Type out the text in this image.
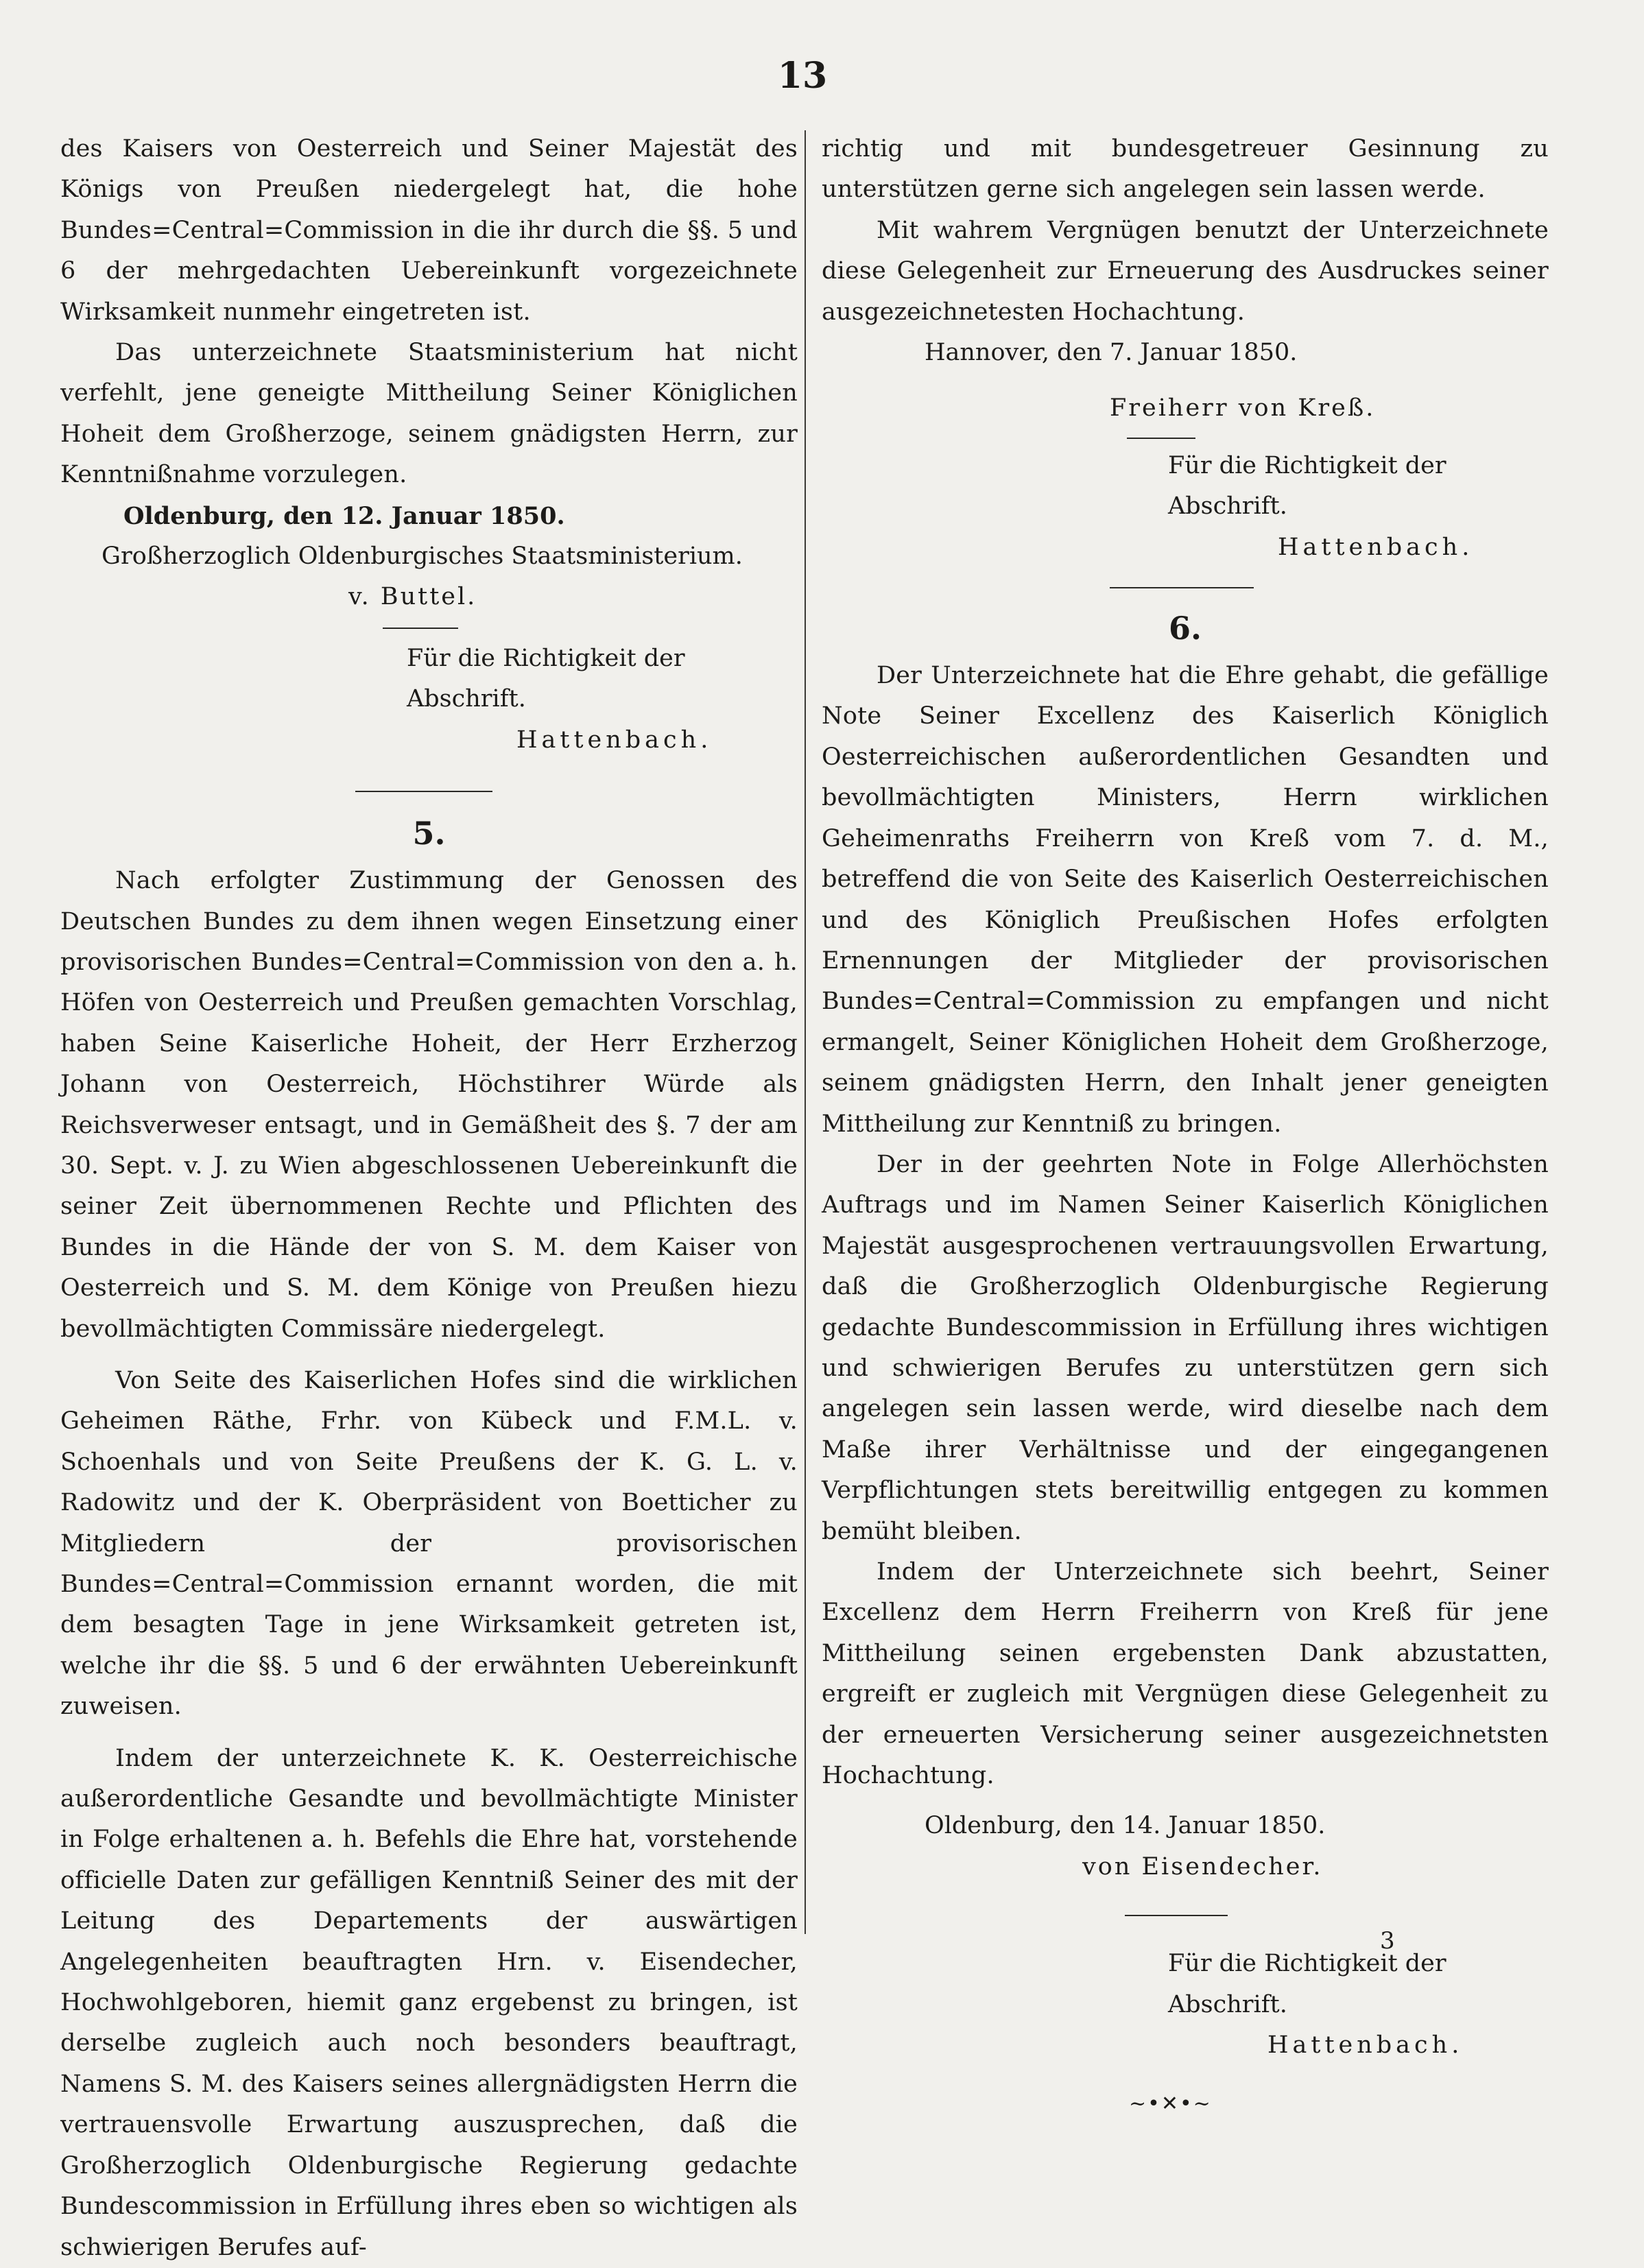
13

des Kaisers von Oesterreich und Seiner Majestät des Königs von Preußen niedergelegt hat, die hohe Bundes=Central=Commission in die ihr durch die §§. 5 und 6 der mehrgedachten Uebereinkunft vorgezeichnete Wirksamkeit nunmehr eingetreten ist.

Das unterzeichnete Staatsministerium hat nicht verfehlt, jene geneigte Mittheilung Seiner Königlichen Hoheit dem Großherzoge, seinem gnädigsten Herrn, zur Kenntnißnahme vorzulegen.

Oldenburg, den 12. Januar 1850.

Großherzoglich Oldenburgisches Staatsministerium.

v. Buttel.

Für die Richtigkeit der Abschrift.

Hattenbach.

5.

Nach erfolgter Zustimmung der Genossen des Deutschen Bundes zu dem ihnen wegen Einsetzung einer provisorischen Bundes=Central=Commission von den a. h. Höfen von Oesterreich und Preußen gemachten Vorschlag, haben Seine Kaiserliche Hoheit, der Herr Erzherzog Johann von Oesterreich, Höchstihrer Würde als Reichsverweser entsagt, und in Gemäßheit des §. 7 der am 30. Sept. v. J. zu Wien abgeschlossenen Uebereinkunft die seiner Zeit übernommenen Rechte und Pflichten des Bundes in die Hände der von S. M. dem Kaiser von Oesterreich und S. M. dem Könige von Preußen hiezu bevollmächtigten Commissäre niedergelegt.

Von Seite des Kaiserlichen Hofes sind die wirklichen Geheimen Räthe, Frhr. von Kübeck und F.M.L. v. Schoenhals und von Seite Preußens der K. G. L. v. Radowitz und der K. Oberpräsident von Boetticher zu Mitgliedern der provisorischen Bundes=Central=Commission ernannt worden, die mit dem besagten Tage in jene Wirksamkeit getreten ist, welche ihr die §§. 5 und 6 der erwähnten Uebereinkunft zuweisen.

Indem der unterzeichnete K. K. Oesterreichische außerordentliche Gesandte und bevollmächtigte Minister in Folge erhaltenen a. h. Befehls die Ehre hat, vorstehende officielle Daten zur gefälligen Kenntniß Seiner des mit der Leitung des Departements der auswärtigen Angelegenheiten beauftragten Hrn. v. Eisendecher, Hochwohlgeboren, hiemit ganz ergebenst zu bringen, ist derselbe zugleich auch noch besonders beauftragt, Namens S. M. des Kaisers seines allergnädigsten Herrn die vertrauensvolle Erwartung auszusprechen, daß die Großherzoglich Oldenburgische Regierung gedachte Bundescommission in Erfüllung ihres eben so wichtigen als schwierigen Berufes auf-

richtig und mit bundesgetreuer Gesinnung zu unterstützen gerne sich angelegen sein lassen werde.

Mit wahrem Vergnügen benutzt der Unterzeichnete diese Gelegenheit zur Erneuerung des Ausdruckes seiner ausgezeichnetesten Hochachtung.

Hannover, den 7. Januar 1850.

Freiherr von Kreß.

Für die Richtigkeit der Abschrift.

Hattenbach.

6.

Der Unterzeichnete hat die Ehre gehabt, die gefällige Note Seiner Excellenz des Kaiserlich Königlich Oesterreichischen außerordentlichen Gesandten und bevollmächtigten Ministers, Herrn wirklichen Geheimenraths Freiherrn von Kreß vom 7. d. M., betreffend die von Seite des Kaiserlich Oesterreichischen und des Königlich Preußischen Hofes erfolgten Ernennungen der Mitglieder der provisorischen Bundes=Central=Commission zu empfangen und nicht ermangelt, Seiner Königlichen Hoheit dem Großherzoge, seinem gnädigsten Herrn, den Inhalt jener geneigten Mittheilung zur Kenntniß zu bringen.

Der in der geehrten Note in Folge Allerhöchsten Auftrags und im Namen Seiner Kaiserlich Königlichen Majestät ausgesprochenen vertrauungsvollen Erwartung, daß die Großherzoglich Oldenburgische Regierung gedachte Bundescommission in Erfüllung ihres wichtigen und schwierigen Berufes zu unterstützen gern sich angelegen sein lassen werde, wird dieselbe nach dem Maße ihrer Verhältnisse und der eingegangenen Verpflichtungen stets bereitwillig entgegen zu kommen bemüht bleiben.

Indem der Unterzeichnete sich beehrt, Seiner Excellenz dem Herrn Freiherrn von Kreß für jene Mittheilung seinen ergebensten Dank abzustatten, ergreift er zugleich mit Vergnügen diese Gelegenheit zu der erneuerten Versicherung seiner ausgezeichnetsten Hochachtung.

Oldenburg, den 14. Januar 1850.

von Eisendecher.

Für die Richtigkeit der Abschrift.

Hattenbach.

~•✕•~

3
